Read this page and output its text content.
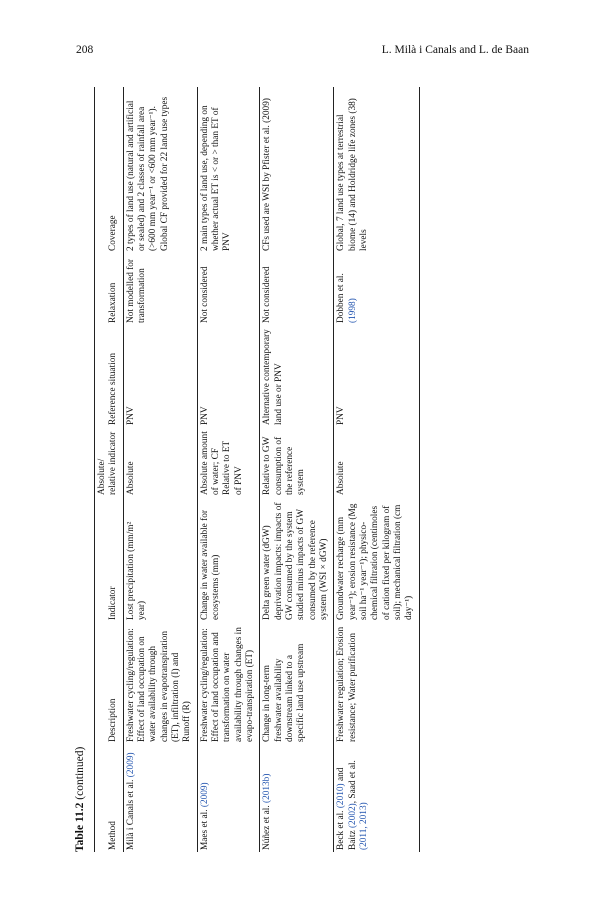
208	L. Milà i Canals and L. de Baan
Table 11.2 (continued)
Method	Description	Indicator	Absolute/ relative indicator	Reference situation	Relaxation	Coverage
Milà i Canals et al. (2009)	Freshwater cycling/regulation: Effect of land occupation on water availability through changes in evapotranspiration (ET), infiltration (I) and Runoff (R)	Lost precipitation (mm/m² year)	Absolute	PNV	Not modelled for transformation	2 types of land use (natural and artificial or sealed) and 2 classes of rainfall area (>600 mm year⁻¹ or <600 mm year⁻¹). Global CF provided for 22 land use types
Maes et al. (2009)	Freshwater cycling/regulation: Effect of land occupation and transformation on water availability through changes in evapo-transpiration (ET)	Change in water available for ecosystems (mm)	Absolute amount of water; CF Relative to ET of PNV	PNV	Not considered	2 main types of land use, depending on whether actual ET is < or > than ET of PNV
Núñez et al. (2013b)	Change in long-term freshwater availability downstream linked to a specific land use upstream	Delta green water (dGW) deprivation impacts: impacts of GW consumed by the system studied minus impacts of GW consumed by the reference system (WSI × dGW)	Relative to GW consumption of the reference system	Alternative contemporary land use or PNV	Not considered	CFs used are WSI by Pfister et al. (2009)
Beck et al. (2010) and Baitz (2002), Saad et al. (2011, 2013)	Freshwater regulation; Erosion resistance; Water purification	Groundwater recharge (mm year⁻¹); erosion resistance (Mg soil ha⁻¹ year⁻¹); physico-chemical filtration (centimoles of cation fixed per kilogram of soil); mechanical filtration (cm day⁻¹)	Absolute	PNV	Dobben et al. (1998)	Global, 7 land use types at terrestrial biome (14) and Holdridge life zones (38) levels
